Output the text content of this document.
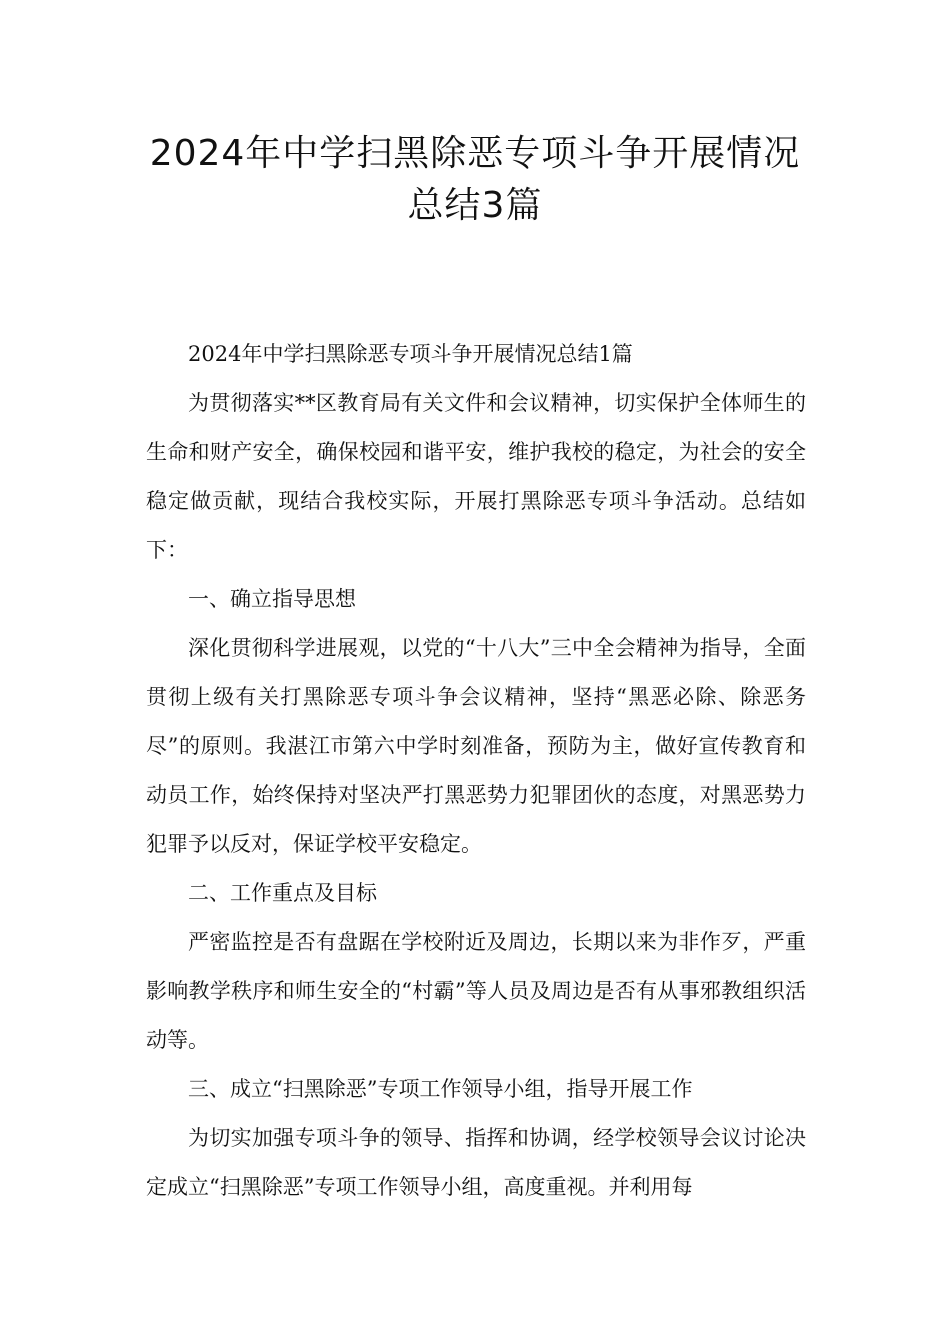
2024年中学扫黑除恶专项斗争开展情况
总结3篇

2024年中学扫黑除恶专项斗争开展情况总结1篇

为贯彻落实**区教育局有关文件和会议精神，切实保护全体师生的生命和财产安全，确保校园和谐平安，维护我校的稳定，为社会的安全稳定做贡献，现结合我校实际，开展打黑除恶专项斗争活动。总结如下：

一、确立指导思想

深化贯彻科学进展观，以党的“十八大”三中全会精神为指导，全面贯彻上级有关打黑除恶专项斗争会议精神，坚持“黑恶必除、除恶务尽”的原则。我湛江市第六中学时刻准备，预防为主，做好宣传教育和动员工作，始终保持对坚决严打黑恶势力犯罪团伙的态度，对黑恶势力犯罪予以反对，保证学校平安稳定。

二、工作重点及目标

严密监控是否有盘踞在学校附近及周边，长期以来为非作歹，严重影响教学秩序和师生安全的“村霸”等人员及周边是否有从事邪教组织活动等。

三、成立“扫黑除恶”专项工作领导小组，指导开展工作

为切实加强专项斗争的领导、指挥和协调，经学校领导会议讨论决定成立“扫黑除恶”专项工作领导小组，高度重视。并利用每
